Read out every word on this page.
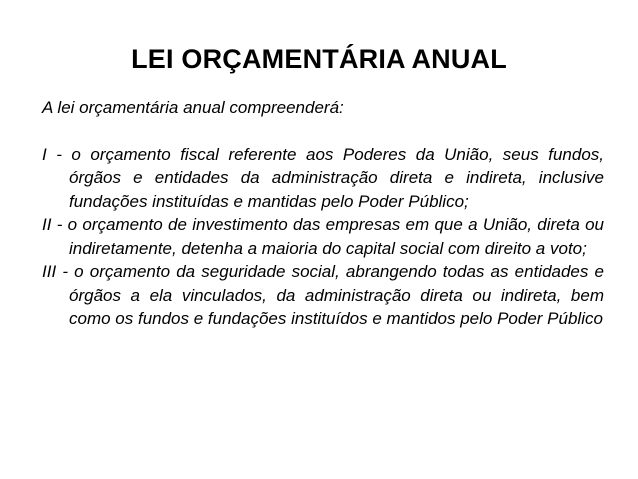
LEI ORÇAMENTÁRIA ANUAL

A lei orçamentária anual compreenderá:

I - o orçamento fiscal referente aos Poderes da União, seus fundos, órgãos e entidades da administração direta e indireta, inclusive fundações instituídas e mantidas pelo Poder Público;

II - o orçamento de investimento das empresas em que a União, direta ou indiretamente, detenha a maioria do capital social com direito a voto;

III - o orçamento da seguridade social, abrangendo todas as entidades e órgãos a ela vinculados, da administração direta ou indireta, bem como os fundos e fundações instituídos e mantidos pelo Poder Público
